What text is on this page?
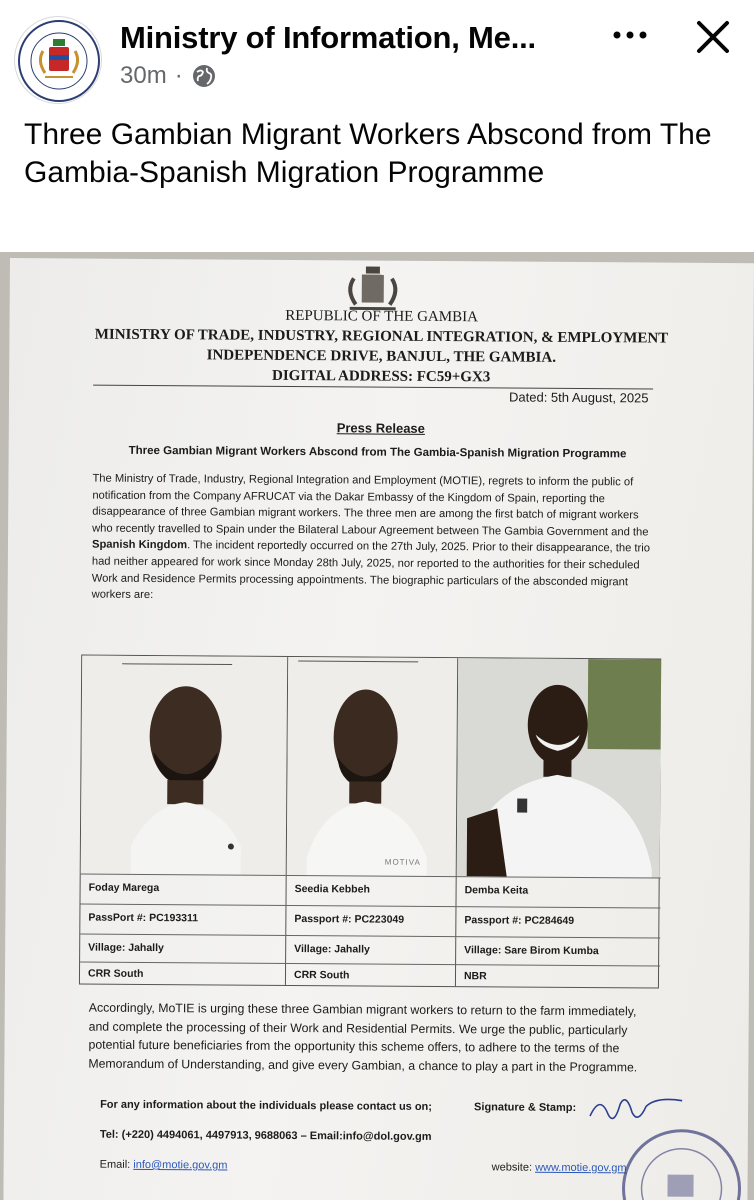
Ministry of Information, Me...
30m ·
Three Gambian Migrant Workers Abscond from The Gambia-Spanish Migration Programme
REPUBLIC OF THE GAMBIA
MINISTRY OF TRADE, INDUSTRY, REGIONAL INTEGRATION, & EMPLOYMENT
INDEPENDENCE DRIVE, BANJUL, THE GAMBIA.
DIGITAL ADDRESS: FC59+GX3
Dated: 5th August, 2025
Press Release
Three Gambian Migrant Workers Abscond from The Gambia-Spanish Migration Programme
The Ministry of Trade, Industry, Regional Integration and Employment (MOTIE), regrets to inform the public of notification from the Company AFRUCAT via the Dakar Embassy of the Kingdom of Spain, reporting the disappearance of three Gambian migrant workers. The three men are among the first batch of migrant workers who recently travelled to Spain under the Bilateral Labour Agreement between The Gambia Government and the Spanish Kingdom. The incident reportedly occurred on the 27th July, 2025. Prior to their disappearance, the trio had neither appeared for work since Monday 28th July, 2025, nor reported to the authorities for their scheduled Work and Residence Permits processing appointments. The biographic particulars of the absconded migrant workers are:
Foday Marega
PassPort #: PC193311
Village: Jahally
CRR South
MOTIVA
Seedia Kebbeh
Passport #: PC223049
Village: Jahally
CRR South
Demba Keita
Passport #: PC284649
Village: Sare Birom Kumba
NBR
Accordingly, MoTIE is urging these three Gambian migrant workers to return to the farm immediately, and complete the processing of their Work and Residential Permits. We urge the public, particularly potential future beneficiaries from the opportunity this scheme offers, to adhere to the terms of the Memorandum of Understanding, and give every Gambian, a chance to play a part in the Programme.
For any information about the individuals please contact us on;	Signature & Stamp:
Tel: (+220) 4494061, 4497913, 9688063 – Email:info@dol.gov.gm
Email: info@motie.gov.gm	website: www.motie.gov.gm
